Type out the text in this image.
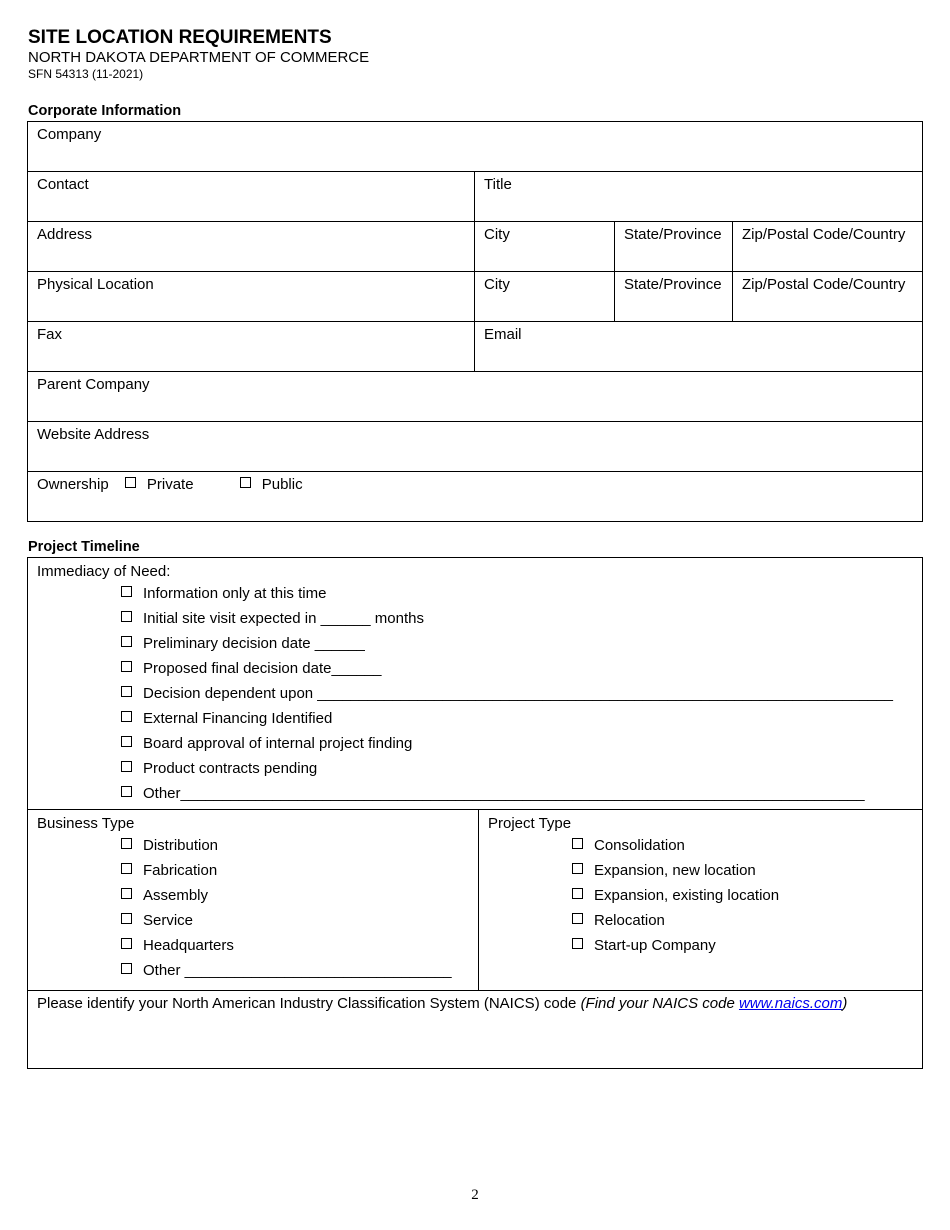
SITE LOCATION REQUIREMENTS
NORTH DAKOTA DEPARTMENT OF COMMERCE
SFN 54313 (11-2021)
Corporate Information
Company			
Contact	Title		
Address	City	State/Province	Zip/Postal Code/Country
Physical Location	City	State/Province	Zip/Postal Code/Country
Fax	Email		
Parent Company			
Website Address			
Ownership Private Public			
Project Timeline
Immediacy of Need:
Information only at this time
Initial site visit expected in ______ months
Preliminary decision date ______
Proposed final decision date______
Decision dependent upon _____________________________________________________________________
External Financing Identified
Board approval of internal project finding
Product contracts pending
Other__________________________________________________________________________________

Business Type
Distribution
Fabrication
Assembly
Service
Headquarters
Other ________________________________

Project Type
Consolidation
Expansion, new location
Expansion, existing location
Relocation
Start-up Company

Please identify your North American Industry Classification System (NAICS) code (Find your NAICS code www.naics.com)
2
